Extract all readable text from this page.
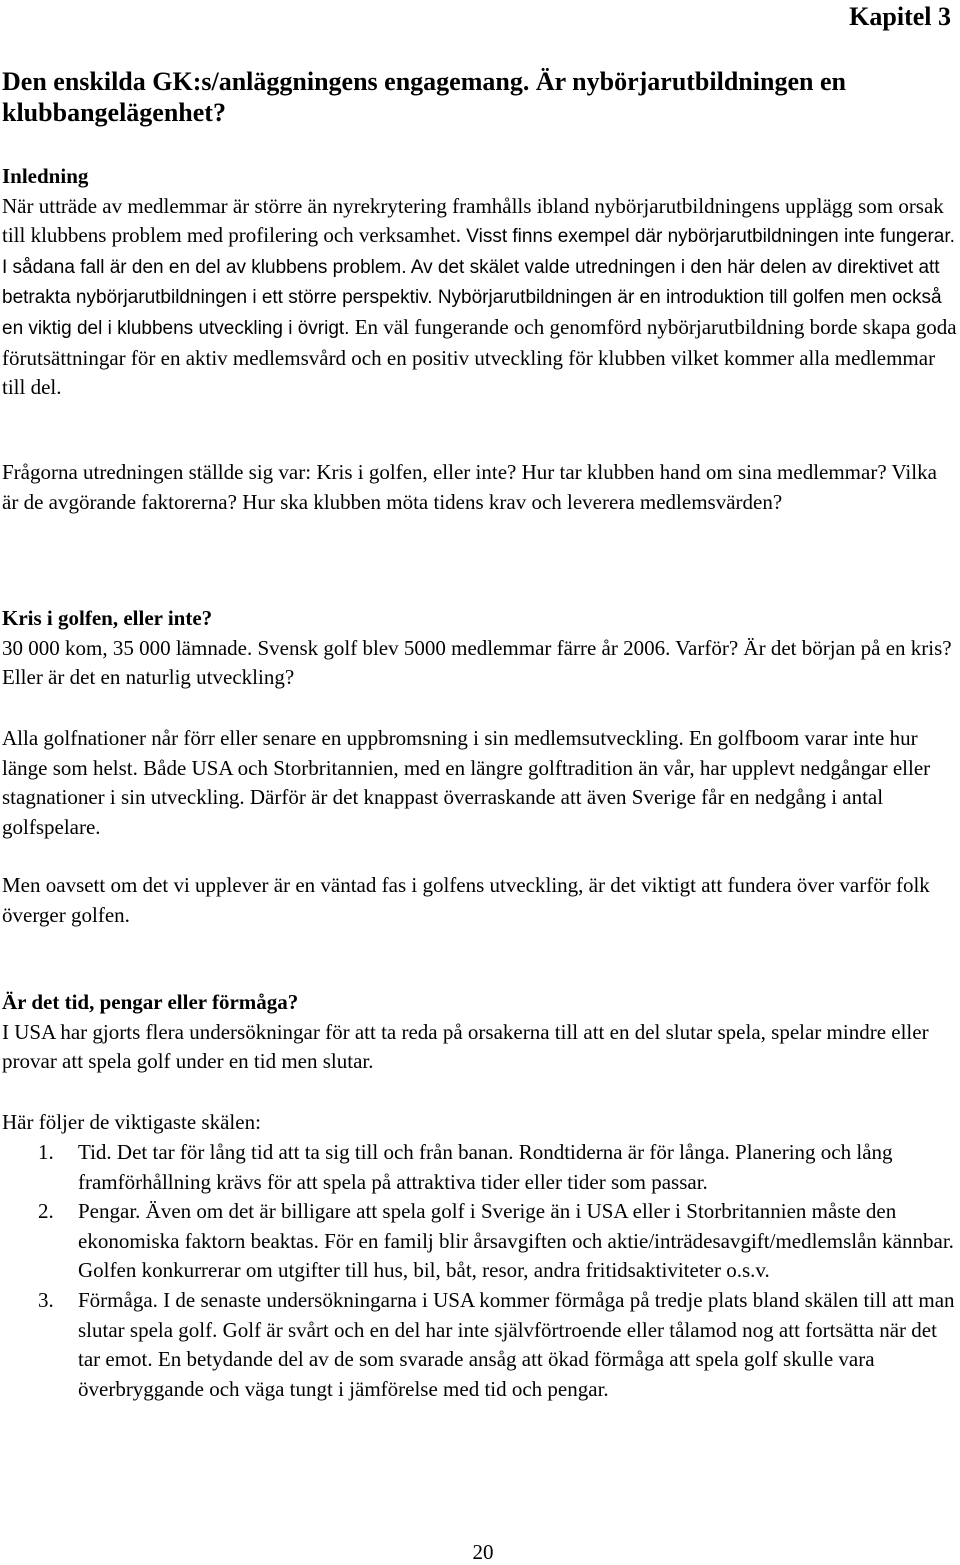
Kapitel 3
Den enskilda GK:s/anläggningens engagemang. Är nybörjarutbildningen en klubbangelägenhet?
Inledning
När utträde av medlemmar är större än nyrekrytering framhålls ibland nybörjarutbildningens upplägg som orsak till klubbens problem med profilering och verksamhet. Visst finns exempel där nybörjarutbildningen inte fungerar. I sådana fall är den en del av klubbens problem. Av det skälet valde utredningen i den här delen av direktivet att betrakta nybörjarutbildningen i ett större perspektiv. Nybörjarutbildningen är en introduktion till golfen men också en viktig del i klubbens utveckling i övrigt. En väl fungerande och genomförd nybörjarutbildning borde skapa goda förutsättningar för en aktiv medlemsvård och en positiv utveckling för klubben vilket kommer alla medlemmar till del.

Frågorna utredningen ställde sig var: Kris i golfen, eller inte? Hur tar klubben hand om sina medlemmar? Vilka är de avgörande faktorerna? Hur ska klubben möta tidens krav och leverera medlemsvärden?

Kris i golfen, eller inte?
30 000 kom, 35 000 lämnade. Svensk golf blev 5000 medlemmar färre år 2006. Varför? Är det början på en kris? Eller är det en naturlig utveckling?

Alla golfnationer når förr eller senare en uppbromsning i sin medlemsutveckling. En golfboom varar inte hur länge som helst. Både USA och Storbritannien, med en längre golftradition än vår, har upplevt nedgångar eller stagnationer i sin utveckling. Därför är det knappast överraskande att även Sverige får en nedgång i antal golfspelare.

Men oavsett om det vi upplever är en väntad fas i golfens utveckling, är det viktigt att fundera över varför folk överger golfen.

Är det tid, pengar eller förmåga?
I USA har gjorts flera undersökningar för att ta reda på orsakerna till att en del slutar spela, spelar mindre eller provar att spela golf under en tid men slutar.

Här följer de viktigaste skälen:

1. Tid. Det tar för lång tid att ta sig till och från banan. Rondtiderna är för långa. Planering och lång framförhållning krävs för att spela på attraktiva tider eller tider som passar.
2. Pengar. Även om det är billigare att spela golf i Sverige än i USA eller i Storbritannien måste den ekonomiska faktorn beaktas. För en familj blir årsavgiften och aktie/inträdesavgift/medlemslån kännbar. Golfen konkurrerar om utgifter till hus, bil, båt, resor, andra fritidsaktiviteter o.s.v.
3. Förmåga. I de senaste undersökningarna i USA kommer förmåga på tredje plats bland skälen till att man slutar spela golf. Golf är svårt och en del har inte självförtroende eller tålamod nog att fortsätta när det tar emot. En betydande del av de som svarade ansåg att ökad förmåga att spela golf skulle vara överbryggande och väga tungt i jämförelse med tid och pengar.
20
